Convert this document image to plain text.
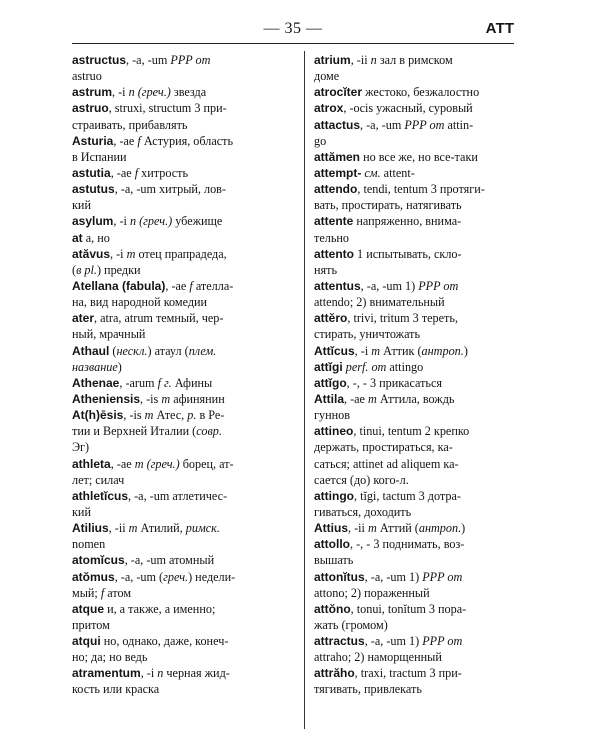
— 35 —	АТТ
astructus, -a, -um PPP от
astruo
astrum, -i n (греч.) звезда
astruo, struxi, structum 3 при-
страивать, прибавлять
Asturia, -ae f Астурия, область
в Испании
astutia, -ae f хитрость
astutus, -a, -um хитрый, лов-
кий
asylum, -i n (греч.) убежище
at а, но
atăvus, -i m отец прапрадеда,
(в pl.) предки
Atellana (fabula), -ae f ателла-
на, вид народной комедии
ater, atra, atrum темный, чер-
ный, мрачный
Athaul (нескл.) атаул (плем.
название)
Athenae, -arum f г. Афины
Atheniensis, -is m афинянин
At(h)ēsis, -is m Атес, р. в Ре-
тии и Верхней Италии (совр.
Эг)
athleta, -ae m (греч.) борец, ат-
лет; силач
athletĭcus, -a, -um атлетичес-
кий
Atilius, -ii m Атилий, римск.
nomen
atomĭcus, -a, -um атомный
atŏmus, -a, -um (греч.) недели-
мый; f атом
atque и, а также, а именно;
притом
atqui но, однако, даже, конеч-
но; да; но ведь
atramentum, -i n черная жид-
кость или краска
atrium, -ii n зал в римском
доме
atrocĭter жестоко, безжалостно
atrox, -ocis ужасный, суровый
attactus, -a, -um PPP от attin-
go
attămen но все же, но все-таки
attempt- см. attent-
attendo, tendi, tentum 3 протяги-
вать, простирать, натягивать
attente напряженно, внима-
тельно
attento 1 испытывать, скло-
нять
attentus, -a, -um 1) PPP от
attendo; 2) внимательный
attĕro, trivi, tritum 3 тереть,
стирать, уничтожать
Attĭcus, -i m Аттик (антроп.)
attĭgi perf. от attingo
attĭgo, -, - 3 прикасаться
Attila, -ae m Аттила, вождь
гуннов
attineo, tinui, tentum 2 крепко
держать, простираться, ка-
саться; attinet ad aliquem ка-
сается (до) кого-л.
attingo, tĭgi, tactum 3 дотра-
гиваться, доходить
Attius, -ii m Аттий (антроп.)
attollo, -, - 3 поднимать, воз-
вышать
attonĭtus, -a, -um 1) PPP от
attono; 2) пораженный
attŏno, tonui, tonĭtum 3 пора-
жать (громом)
attractus, -a, -um 1) PPP от
attraho; 2) наморщенный
attrăho, traxi, tractum 3 при-
тягивать, привлекать
